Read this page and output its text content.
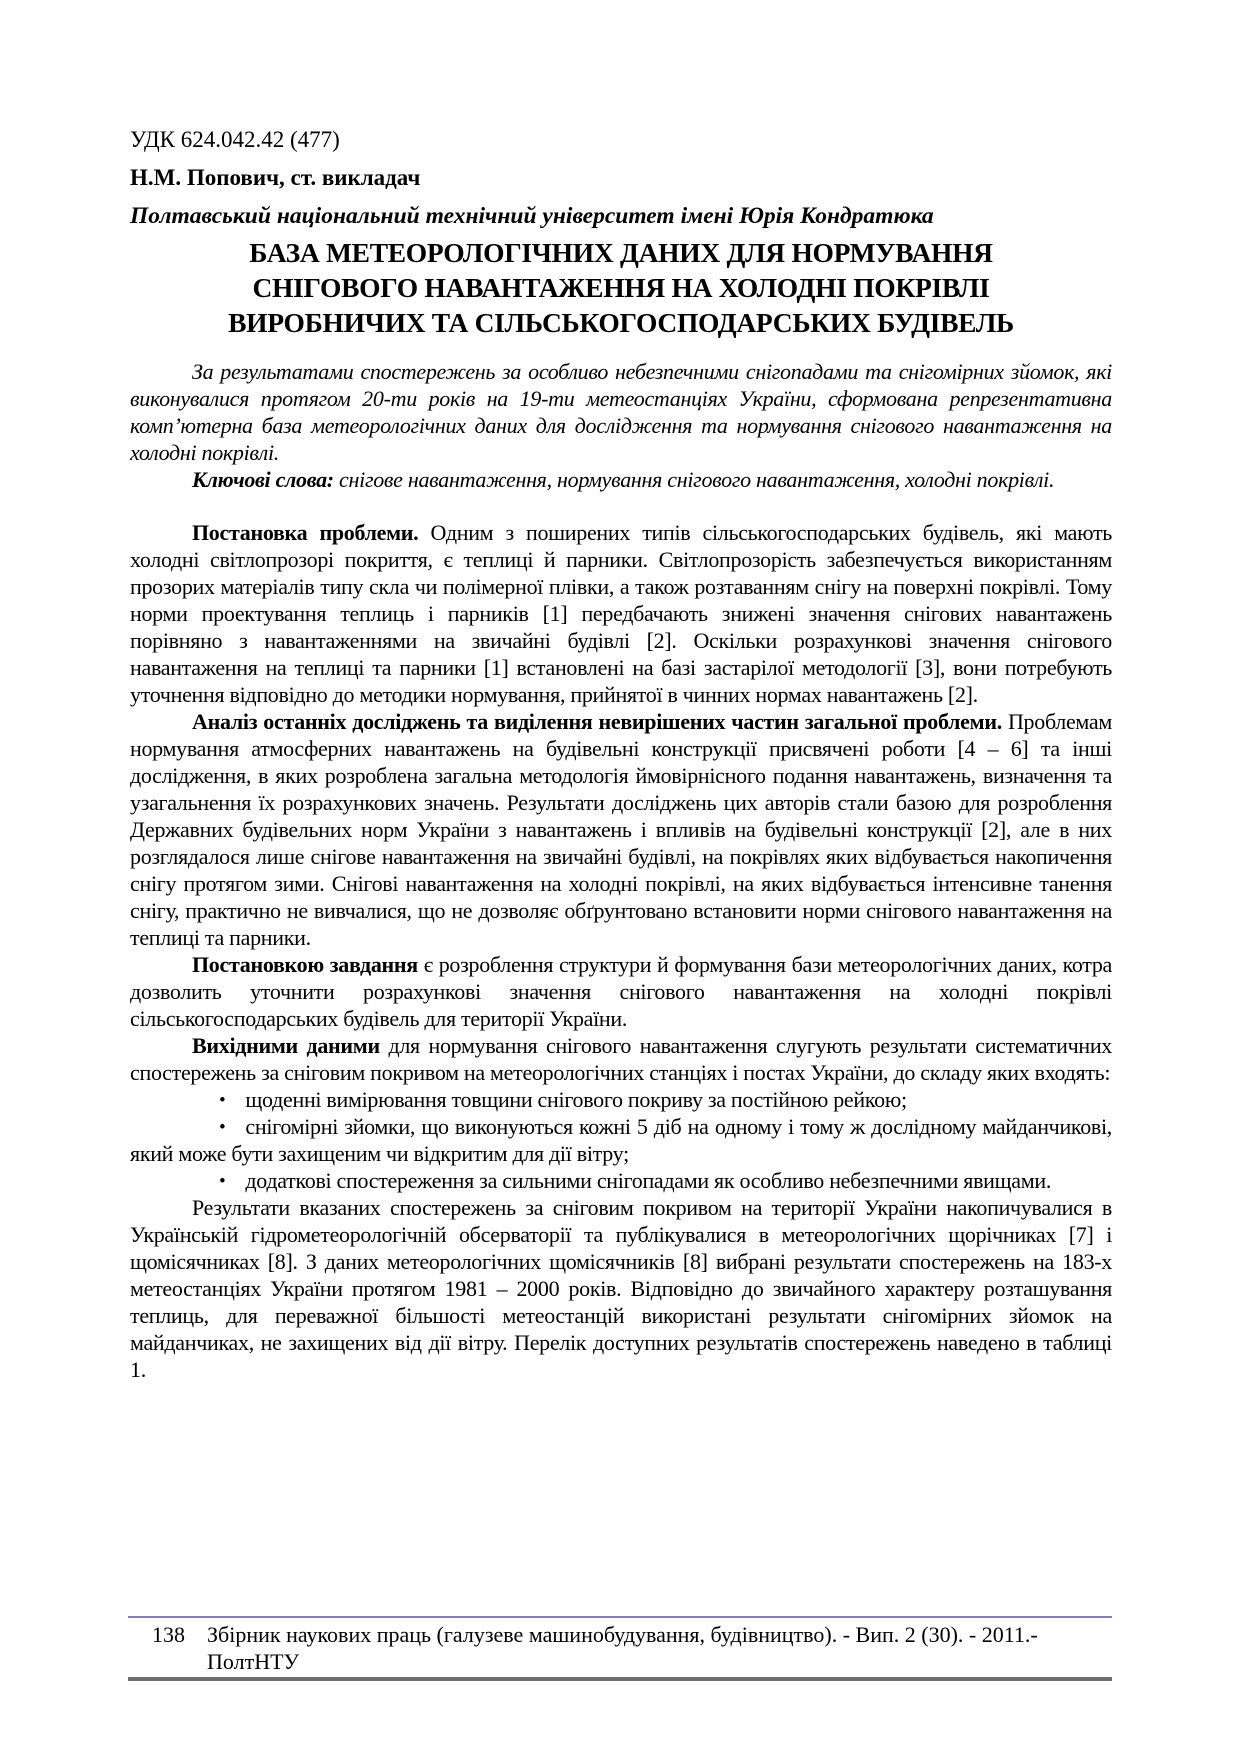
УДК 624.042.42 (477)

Н.М. Попович, ст. викладач

Полтавський національний технічний університет імені Юрія Кондратюка

БАЗА МЕТЕОРОЛОГІЧНИХ ДАНИХ ДЛЯ НОРМУВАННЯ
СНІГОВОГО НАВАНТАЖЕННЯ НА ХОЛОДНІ ПОКРІВЛІ
ВИРОБНИЧИХ ТА СІЛЬСЬКОГОСПОДАРСЬКИХ БУДІВЕЛЬ

За результатами спостережень за особливо небезпечними снігопадами та снігомірних зйомок, які виконувалися протягом 20-ти років на 19-ти метеостанціях України, сформована репрезентативна комп’ютерна база метеорологічних даних для дослідження та нормування снігового навантаження на холодні покрівлі.

Ключові слова: снігове навантаження, нормування снігового навантаження, холодні покрівлі.

Постановка проблеми. Одним з поширених типів сільськогосподарських будівель, які мають холодні світлопрозорі покриття, є теплиці й парники. Світлопрозорість забезпечується використанням прозорих матеріалів типу скла чи полімерної плівки, а також розтаванням снігу на поверхні покрівлі. Тому норми проектування теплиць і парників [1] передбачають знижені значення снігових навантажень порівняно з навантаженнями на звичайні будівлі [2]. Оскільки розрахункові значення снігового навантаження на теплиці та парники [1] встановлені на базі застарілої методології [3], вони потребують уточнення відповідно до методики нормування, прийнятої в чинних нормах навантажень [2].

Аналіз останніх досліджень та виділення невирішених частин загальної проблеми. Проблемам нормування атмосферних навантажень на будівельні конструкції присвячені роботи [4 – 6] та інші дослідження, в яких розроблена загальна методологія ймовірнісного подання навантажень, визначення та узагальнення їх розрахункових значень. Результати досліджень цих авторів стали базою для розроблення Державних будівельних норм України з навантажень і впливів на будівельні конструкції [2], але в них розглядалося лише снігове навантаження на звичайні будівлі, на покрівлях яких відбувається накопичення снігу протягом зими. Снігові навантаження на холодні покрівлі, на яких відбувається інтенсивне танення снігу, практично не вивчалися, що не дозволяє обґрунтовано встановити норми снігового навантаження на теплиці та парники.

Постановкою завдання є розроблення структури й формування бази метеорологічних даних, котра дозволить уточнити розрахункові значення снігового навантаження на холодні покрівлі сільськогосподарських будівель для території України.

Вихідними даними для нормування снігового навантаження слугують результати систематичних спостережень за сніговим покривом на метеорологічних станціях і постах України, до складу яких входять:

• щоденні вимірювання товщини снігового покриву за постійною рейкою;

• снігомірні зйомки, що виконуються кожні 5 діб на одному і тому ж дослідному майданчикові, який може бути захищеним чи відкритим для дії вітру;

• додаткові спостереження за сильними снігопадами як особливо небезпечними явищами.

Результати вказаних спостережень за сніговим покривом на території України накопичувалися в Українській гідрометеорологічній обсерваторії та публікувалися в метеорологічних щорічниках [7] і щомісячниках [8]. З даних метеорологічних щомісячників [8] вибрані результати спостережень на 183-х метеостанціях України протягом 1981 – 2000 років. Відповідно до звичайного характеру розташування теплиць, для переважної більшості метеостанцій використані результати снігомірних зйомок на майданчиках, не захищених від дії вітру. Перелік доступних результатів спостережень наведено в таблиці 1.

138 Збірник наукових праць (галузеве машинобудування, будівництво). - Вип. 2 (30). - 2011.-ПолтНТУ
